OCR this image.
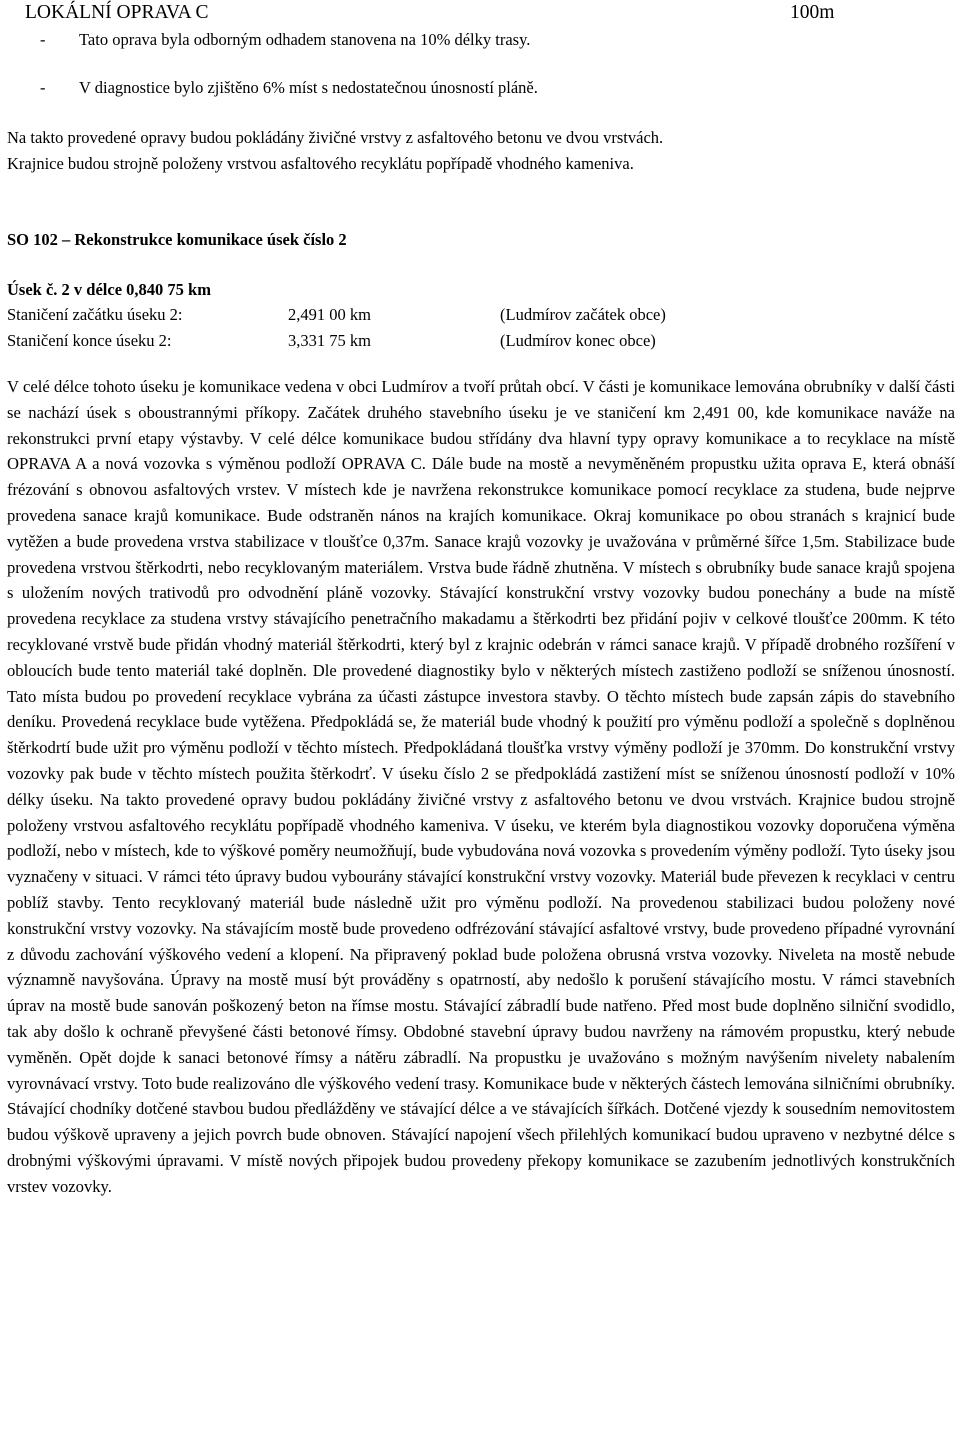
LOKÁLNÍ OPRAVA C	100m
- Tato oprava byla odborným odhadem stanovena na 10% délky trasy.
- V diagnostice bylo zjištěno 6% míst s nedostatečnou únosností pláně.
Na takto provedené opravy budou pokládány živičné vrstvy z asfaltového betonu ve dvou vrstvách.
Krajnice budou strojně položeny vrstvou asfaltového recyklátu popřípadě vhodného kameniva.
SO 102 – Rekonstrukce komunikace úsek číslo 2
Úsek č. 2 v délce 0,840 75 km
Staničení začátku úseku 2:	2,491 00 km	(Ludmírov začátek obce)
Staničení konce úseku 2:	3,331 75 km	(Ludmírov konec obce)
V celé délce tohoto úseku je komunikace vedena v obci Ludmírov a tvoří průtah obcí. V části je komunikace lemována obrubníky v další části se nachází úsek s oboustrannými příkopy. Začátek druhého stavebního úseku je ve staničení km 2,491 00, kde komunikace naváže na rekonstrukci první etapy výstavby. V celé délce komunikace budou střídány dva hlavní typy opravy komunikace a to recyklace na místě OPRAVA A a nová vozovka s výměnou podloží OPRAVA C. Dále bude na mostě a nevyměněném propustku užita oprava E, která obnáší frézování s obnovou asfaltových vrstev. V místech kde je navržena rekonstrukce komunikace pomocí recyklace za studena, bude nejprve provedena sanace krajů komunikace. Bude odstraněn nános na krajích komunikace. Okraj komunikace po obou stranách s krajnicí bude vytěžen a bude provedena vrstva stabilizace v tloušťce 0,37m. Sanace krajů vozovky je uvažována v průměrné šířce 1,5m. Stabilizace bude provedena vrstvou štěrkodrti, nebo recyklovaným materiálem. Vrstva bude řádně zhutněna. V místech s obrubníky bude sanace krajů spojena s uložením nových trativodů pro odvodnění pláně vozovky. Stávající konstrukční vrstvy vozovky budou ponechány a bude na místě provedena recyklace za studena vrstvy stávajícího penetračního makadamu a štěrkodrti bez přidání pojiv v celkové tloušťce 200mm. K této recyklované vrstvě bude přidán vhodný materiál štěrkodrti, který byl z krajnic odebrán v rámci sanace krajů. V případě drobného rozšíření v obloucích bude tento materiál také doplněn. Dle provedené diagnostiky bylo v některých místech zastiženo podloží se sníženou únosností. Tato místa budou po provedení recyklace vybrána za účasti zástupce investora stavby. O těchto místech bude zapsán zápis do stavebního deníku. Provedená recyklace bude vytěžena. Předpokládá se, že materiál bude vhodný k použití pro výměnu podloží a společně s doplněnou štěrkodrtí bude užit pro výměnu podloží v těchto místech. Předpokládaná tloušťka vrstvy výměny podloží je 370mm. Do konstrukční vrstvy vozovky pak bude v těchto místech použita štěrkodrť. V úseku číslo 2 se předpokládá zastižení míst se sníženou únosností podloží v 10% délky úseku. Na takto provedené opravy budou pokládány živičné vrstvy z asfaltového betonu ve dvou vrstvách. Krajnice budou strojně položeny vrstvou asfaltového recyklátu popřípadě vhodného kameniva. V úseku, ve kterém byla diagnostikou vozovky doporučena výměna podloží, nebo v místech, kde to výškové poměry neumožňují, bude vybudována nová vozovka s provedením výměny podloží. Tyto úseky jsou vyznačeny v situaci. V rámci této úpravy budou vybourány stávající konstrukční vrstvy vozovky. Materiál bude převezen k recyklaci v centru poblíž stavby. Tento recyklovaný materiál bude následně užit pro výměnu podloží. Na provedenou stabilizaci budou položeny nové konstrukční vrstvy vozovky. Na stávajícím mostě bude provedeno odfrézování stávající asfaltové vrstvy, bude provedeno případné vyrovnání z důvodu zachování výškového vedení a klopení. Na připravený poklad bude položena obrusná vrstva vozovky. Niveleta na mostě nebude významně navyšována. Úpravy na mostě musí být prováděny s opatrností, aby nedošlo k porušení stávajícího mostu. V rámci stavebních úprav na mostě bude sanován poškozený beton na římse mostu. Stávající zábradlí bude natřeno. Před most bude doplněno silniční svodidlo, tak aby došlo k ochraně převyšené části betonové římsy. Obdobné stavební úpravy budou navrženy na rámovém propustku, který nebude vyměněn. Opět dojde k sanaci betonové římsy a nátěru zábradlí. Na propustku je uvažováno s možným navýšením nivelety nabalením vyrovnávací vrstvy. Toto bude realizováno dle výškového vedení trasy. Komunikace bude v některých částech lemována silničními obrubníky. Stávající chodníky dotčené stavbou budou předlážděny ve stávající délce a ve stávajících šířkách. Dotčené vjezdy k sousedním nemovitostem budou výškově upraveny a jejich povrch bude obnoven. Stávající napojení všech přilehlých komunikací budou upraveno v nezbytné délce s drobnými výškovými úpravami. V místě nových připojek budou provedeny překopy komunikace se zazubením jednotlivých konstrukčních vrstev vozovky.
